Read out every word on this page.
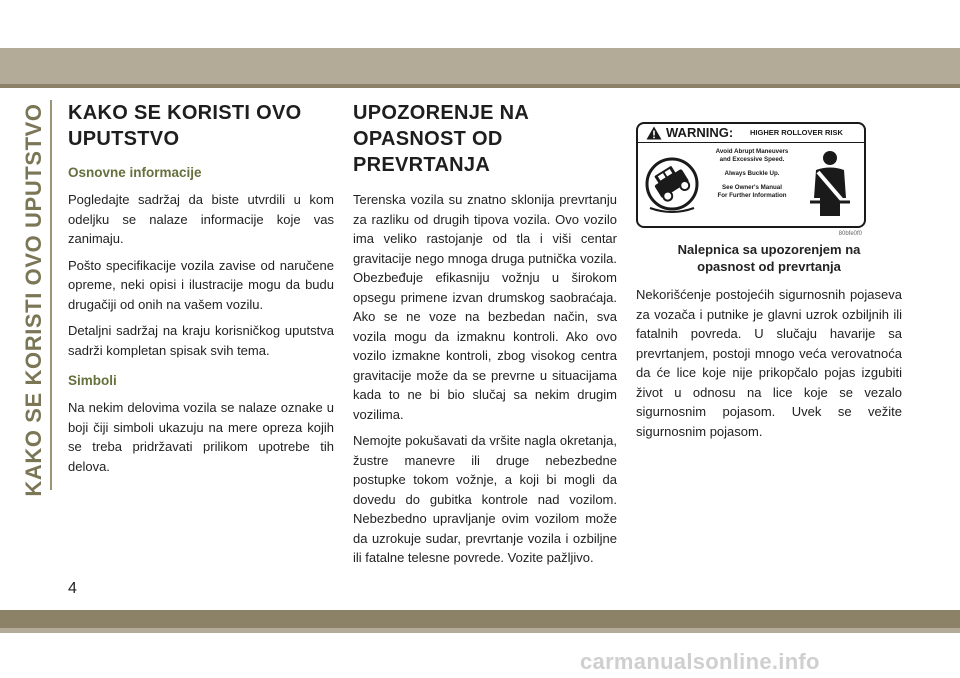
KAKO SE KORISTI OVO UPUTSTVO KAKO SE KORISTI OVO
UPUTSTVO
Osnovne informacije

Pogledajte sadržaj da biste utvrdili u kom odeljku se nalaze informacije koje vas zanimaju.

Pošto specifikacije vozila zavise od naručene opreme, neki opisi i ilustracije mogu da budu drugačiji od onih na vašem vozilu.

Detaljni sadržaj na kraju korisničkog uputstva sadrži kompletan spisak svih tema.

Simboli

Na nekim delovima vozila se nalaze oznake u boji čiji simboli ukazuju na mere opreza kojih se treba pridržavati prilikom upotrebe tih delova.

UPOZORENJE NA
OPASNOST OD
PREVRTANJA

Terenska vozila su znatno sklonija prevrtanju za razliku od drugih tipova vozila. Ovo vozilo ima veliko rastojanje od tla i viši centar gravitacije nego mnoga druga putnička vozila. Obezbeđuje efikasniju vožnju u širokom opsegu primene izvan drumskog saobraćaja. Ako se ne voze na bezbedan način, sva vozila mogu da izmaknu kontroli. Ako ovo vozilo izmakne kontroli, zbog visokog centra gravitacije može da se prevrne u situacijama kada to ne bi bio slučaj sa nekim drugim vozilima.

Nemojte pokušavati da vršite nagla okretanja, žustre manevre ili druge nebezbedne postupke tokom vožnje, a koji bi mogli da dovedu do gubitka kontrole nad vozilom. Nebezbedno upravljanje ovim vozilom može da uzrokuje sudar, prevrtanje vozila i ozbiljne ili fatalne telesne povrede. Vozite pažljivo.

WARNING: HIGHER ROLLOVER RISK
Avoid Abrupt Maneuvers
and Excessive Speed.
Always Buckle Up.
See Owner's Manual
For Further Information
80bfe0f0
Nalepnica sa upozorenjem na
opasnost od prevrtanja

Nekorišćenje postojećih sigurnosnih pojaseva za vozača i putnike je glavni uzrok ozbiljnih ili fatalnih povreda. U slučaju havarije sa prevrtanjem, postoji mnogo veća verovatnoća da će lice koje nije prikopčalo pojas izgubiti život u odnosu na lice koje se vezalo sigurnosnim pojasom. Uvek se vežite sigurnosnim pojasom.

4
carmanualsonline.info
